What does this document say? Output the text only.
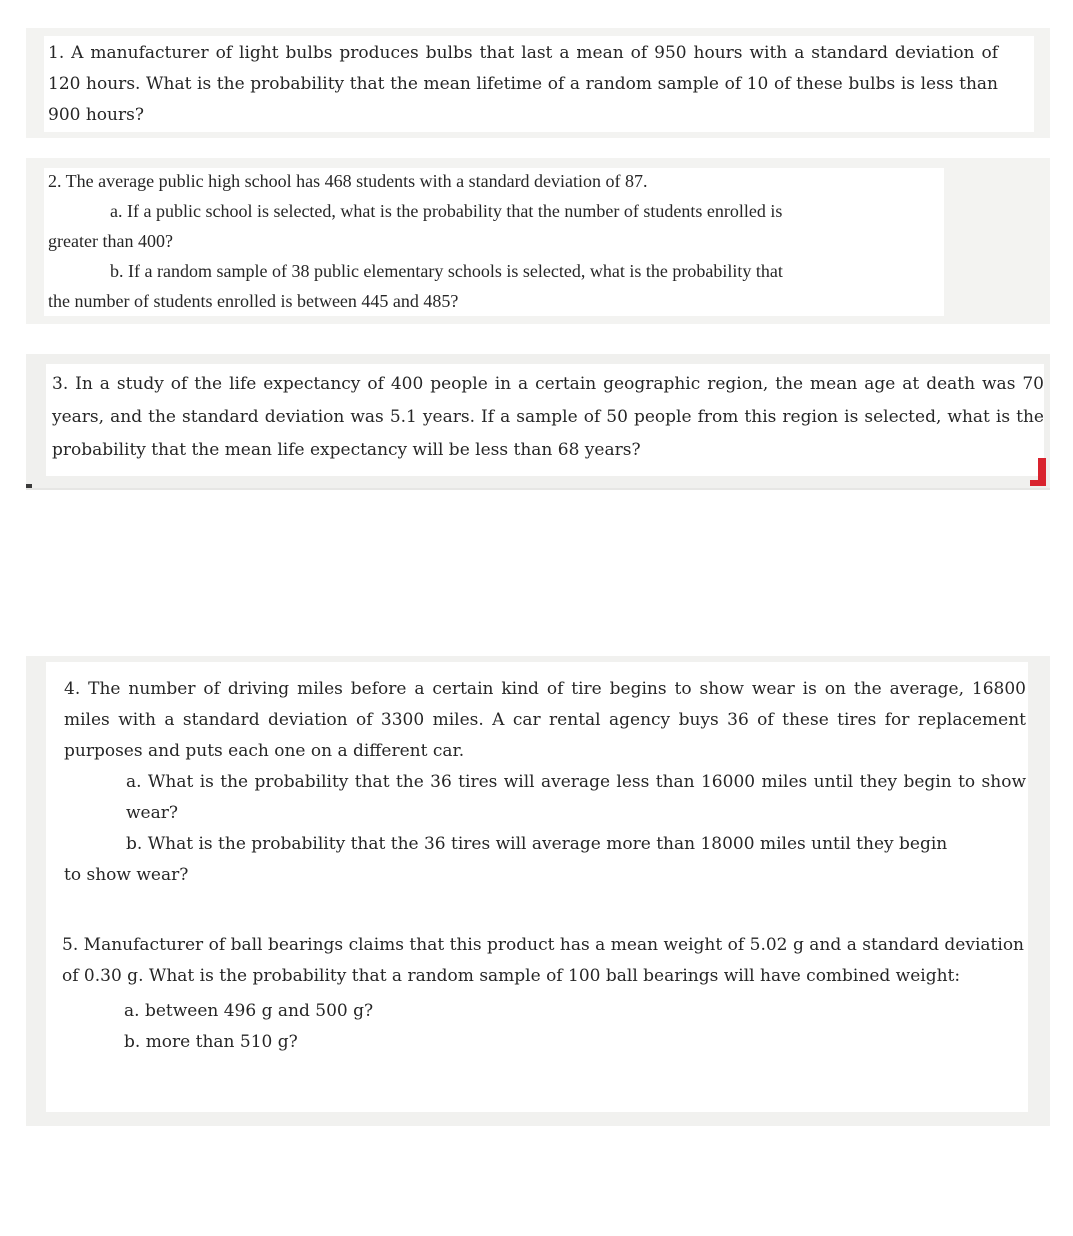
1. A manufacturer of light bulbs produces bulbs that last a mean of 950 hours with a standard deviation of 120 hours. What is the probability that the mean lifetime of a random sample of 10 of these bulbs is less than 900 hours?

2. The average public high school has 468 students with a standard deviation of 87.

a. If a public school is selected, what is the probability that the number of students enrolled is

greater than 400?

b. If a random sample of 38 public elementary schools is selected, what is the probability that

the number of students enrolled is between 445 and 485?

3. In a study of the life expectancy of 400 people in a certain geographic region, the mean age at death was 70 years, and the standard deviation was 5.1 years. If a sample of 50 people from this region is selected, what is the probability that the mean life expectancy will be less than 68 years?

4. The number of driving miles before a certain kind of tire begins to show wear is on the average, 16800 miles with a standard deviation of 3300 miles. A car rental agency buys 36 of these tires for replacement purposes and puts each one on a different car.

a. What is the probability that the 36 tires will average less than 16000 miles until they begin to show wear?

b. What is the probability that the 36 tires will average more than 18000 miles until they begin

to show wear?

5. Manufacturer of ball bearings claims that this product has a mean weight of 5.02 g and a standard deviation of 0.30 g. What is the probability that a random sample of 100 ball bearings will have combined weight:

a. between 496 g and 500 g?

b. more than 510 g?
